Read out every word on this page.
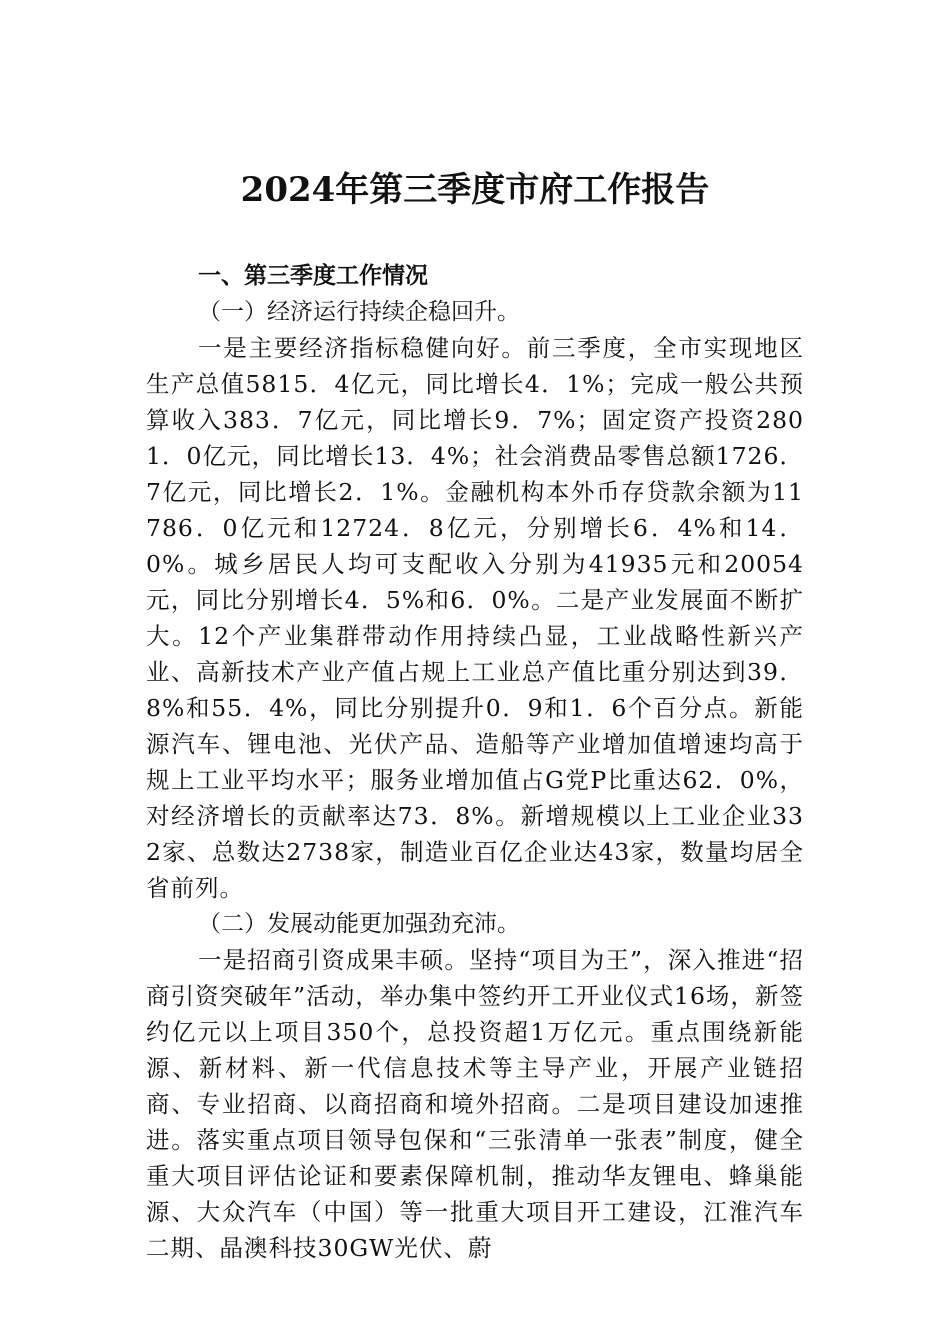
2024年第三季度市府工作报告

一、第三季度工作情况

（一）经济运行持续企稳回升。

一是主要经济指标稳健向好。前三季度，全市实现地区生产总值5815．4亿元，同比增长4．1%；完成一般公共预算收入383．7亿元，同比增长9．7%；固定资产投资2801．0亿元，同比增长13．4%；社会消费品零售总额1726．7亿元，同比增长2．1%。金融机构本外币存贷款余额为11786．0亿元和12724．8亿元，分别增长6．4%和14．0%。城乡居民人均可支配收入分别为41935元和20054元，同比分别增长4．5%和6．0%。二是产业发展面不断扩大。12个产业集群带动作用持续凸显，工业战略性新兴产业、高新技术产业产值占规上工业总产值比重分别达到39．8%和55．4%，同比分别提升0．9和1．6个百分点。新能源汽车、锂电池、光伏产品、造船等产业增加值增速均高于规上工业平均水平；服务业增加值占G党P比重达62．0%，对经济增长的贡献率达73．8%。新增规模以上工业企业332家、总数达2738家，制造业百亿企业达43家，数量均居全省前列。

（二）发展动能更加强劲充沛。

一是招商引资成果丰硕。坚持“项目为王”，深入推进“招商引资突破年”活动，举办集中签约开工开业仪式16场，新签约亿元以上项目350个，总投资超1万亿元。重点围绕新能源、新材料、新一代信息技术等主导产业，开展产业链招商、专业招商、以商招商和境外招商。二是项目建设加速推进。落实重点项目领导包保和“三张清单一张表”制度，健全重大项目评估论证和要素保障机制，推动华友锂电、蜂巢能源、大众汽车（中国）等一批重大项目开工建设，江淮汽车二期、晶澳科技30GW光伏、蔚
